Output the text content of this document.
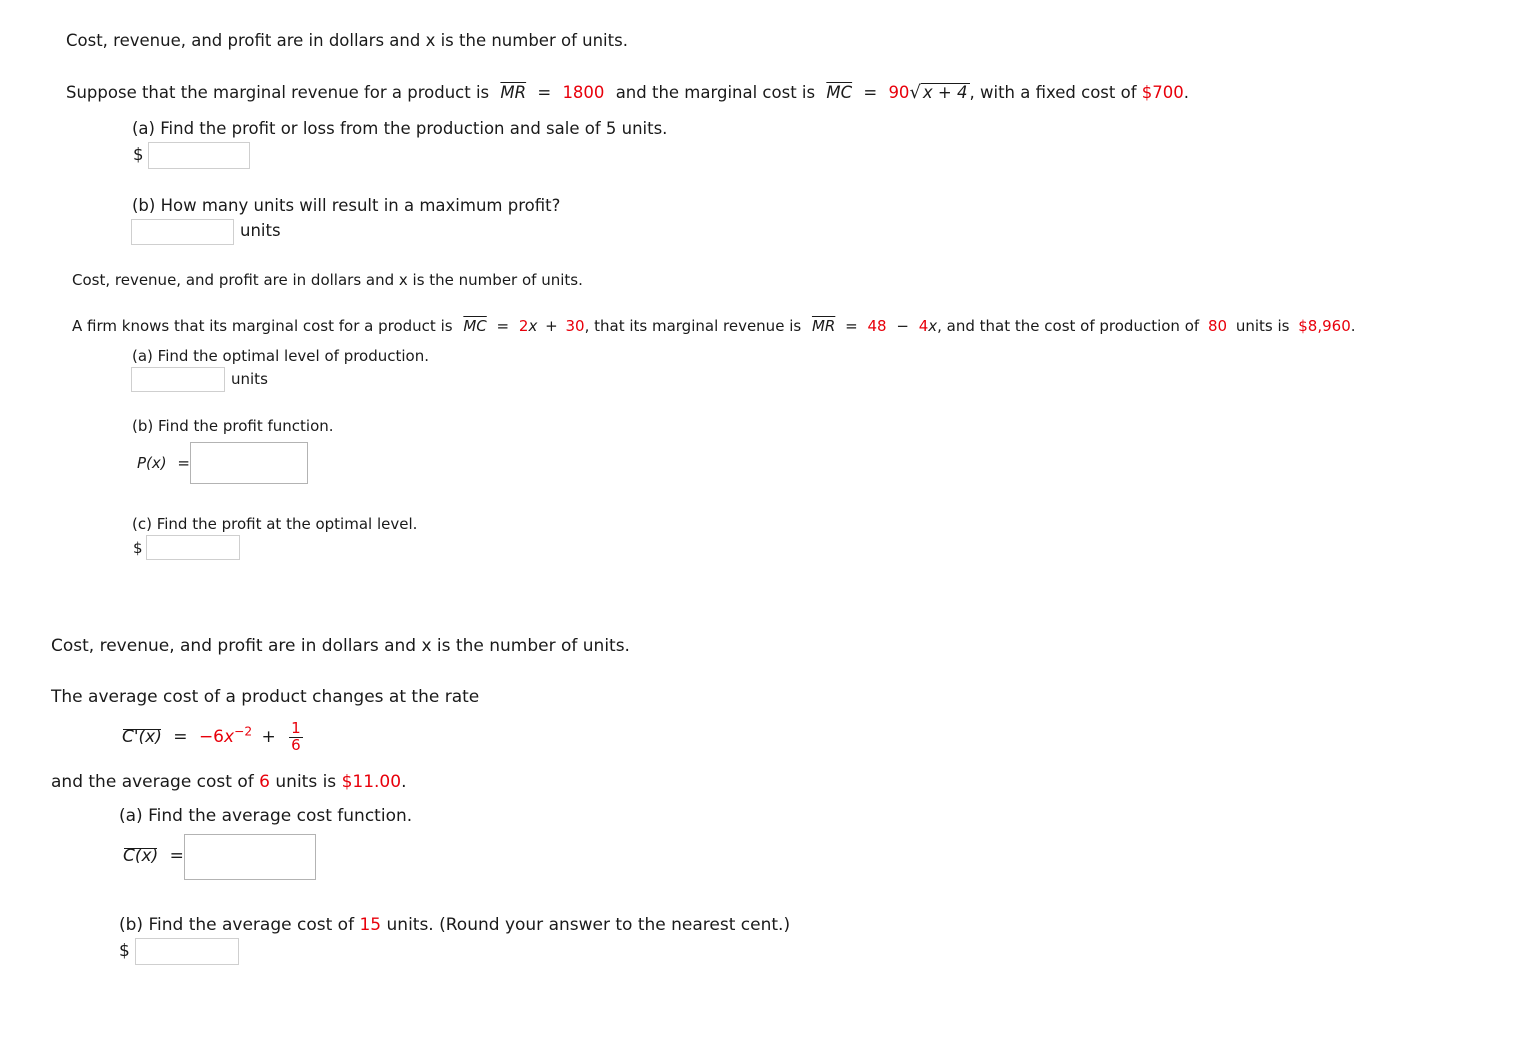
Cost, revenue, and profit are in dollars and x is the number of units.
Suppose that the marginal revenue for a product is $\overline{MR} = 1800$ and the marginal cost is $\overline{MC} = 90√$ x + 4 , with a fixed cost of $700.
(a) Find the profit or loss from the production and sale of 5 units.
$
(b) How many units will result in a maximum profit?
units
Cost, revenue, and profit are in dollars and x is the number of units.
A firm knows that its marginal cost for a product is $\overline{MC} = 2x + 30$, that its marginal revenue is $\overline{MR} = 48 - 4x$, and that the cost of production of 80 units is $8,960.
(a) Find the optimal level of production.
units
(b) Find the profit function.
P(x) =
(c) Find the profit at the optimal level.
$
Cost, revenue, and profit are in dollars and x is the number of units.
The average cost of a product changes at the rate
$C'(x) = -6x^{-2} + \frac{1}{6}$
and the average cost of 6 units is $11.00.
(a) Find the average cost function.
C(x) =
(b) Find the average cost of 15 units. (Round your answer to the nearest cent.)
$
